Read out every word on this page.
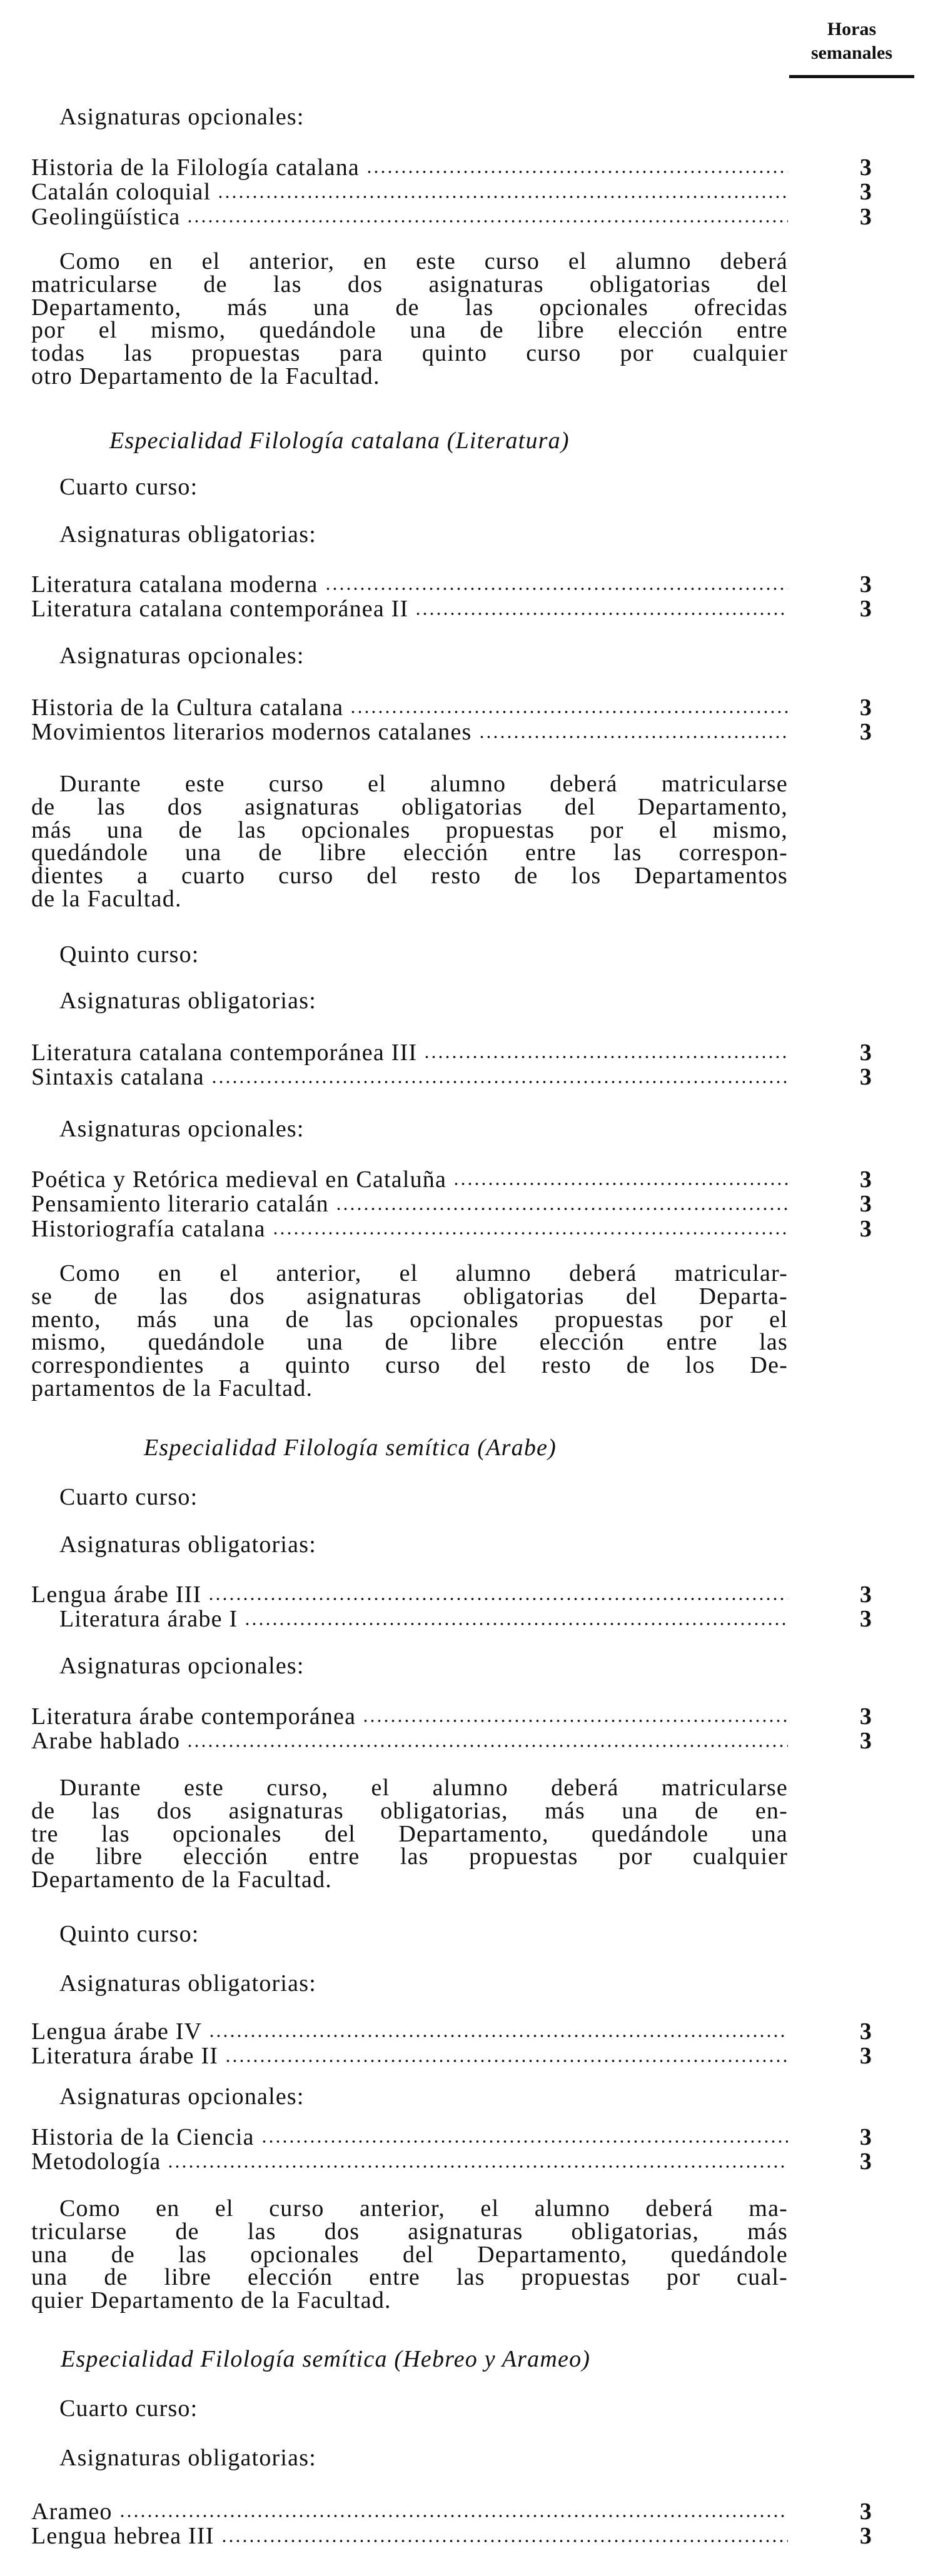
Horas
semanales
Asignaturas opcionales:
Historia de la Filología catalana	3
Catalán coloquial	3
Geolingüística	3
Como en el anterior, en este curso el alumno deberá
matricularse de las dos asignaturas obligatorias del
Departamento, más una de las opcionales ofrecidas
por el mismo, quedándole una de libre elección entre
todas las propuestas para quinto curso por cualquier
otro Departamento de la Facultad.
Especialidad Filología catalana (Literatura)
Cuarto curso:
Asignaturas obligatorias:
Literatura catalana moderna	3
Literatura catalana contemporánea II	3
Asignaturas opcionales:
Historia de la Cultura catalana	3
Movimientos literarios modernos catalanes	3
Durante este curso el alumno deberá matricularse
de las dos asignaturas obligatorias del Departamento,
más una de las opcionales propuestas por el mismo,
quedándole una de libre elección entre las correspon-
dientes a cuarto curso del resto de los Departamentos
de la Facultad.
Quinto curso:
Asignaturas obligatorias:
Literatura catalana contemporánea III	3
Sintaxis catalana	3
Asignaturas opcionales:
Poética y Retórica medieval en Cataluña	3
Pensamiento literario catalán	3
Historiografía catalana	3
Como en el anterior, el alumno deberá matricular-
se de las dos asignaturas obligatorias del Departa-
mento, más una de las opcionales propuestas por el
mismo, quedándole una de libre elección entre las
correspondientes a quinto curso del resto de los De-
partamentos de la Facultad.
Especialidad Filología semítica (Arabe)
Cuarto curso:
Asignaturas obligatorias:
Lengua árabe III	3
Literatura árabe I	3
Asignaturas opcionales:
Literatura árabe contemporánea	3
Arabe hablado	3
Durante este curso, el alumno deberá matricularse
de las dos asignaturas obligatorias, más una de en-
tre las opcionales del Departamento, quedándole una
de libre elección entre las propuestas por cualquier
Departamento de la Facultad.
Quinto curso:
Asignaturas obligatorias:
Lengua árabe IV	3
Literatura árabe II	3
Asignaturas opcionales:
Historia de la Ciencia	3
Metodología	3
Como en el curso anterior, el alumno deberá ma-
tricularse de las dos asignaturas obligatorias, más
una de las opcionales del Departamento, quedándole
una de libre elección entre las propuestas por cual-
quier Departamento de la Facultad.
Especialidad Filología semítica (Hebreo y Arameo)
Cuarto curso:
Asignaturas obligatorias:
Arameo	3
Lengua hebrea III	3
